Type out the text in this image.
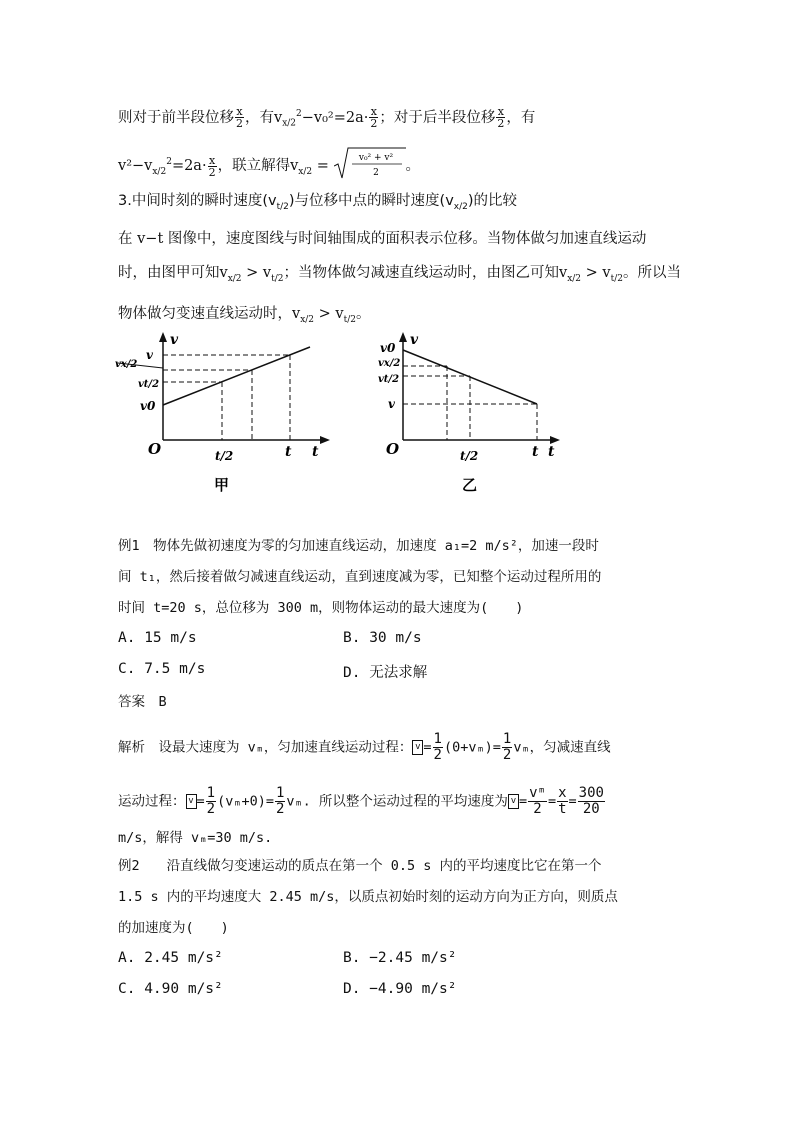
则对于前半段位移 $\frac{x}{2}$ ，有$v_{x/2}^2-v_0^2=2a\cdot \frac{x}{2}$ ；对于后半段位移 $\frac{x}{2}$ ，有
$v^2-v_{x/2}^2=2a\cdot \frac{x}{2}$ ，联立解得$v_{x/2}$ =	v₀² + v²
2 。
3.中间时刻的瞬时速度$(v_{t/2})$与位移中点的瞬时速度$(v_{x/2})$的比较
在 v−t 图像中，速度图线与时间轴围成的面积表示位移。当物体做匀加速直线运动
时，由图甲可知$v_{x/2} > v_{t/2}$；当物体做匀减速直线运动时，由图乙可知$v_{x/2} > v_{t/2}$。所以当
物体做匀变速直线运动时，$v_{x/2} > v_{t/2}$。
v
v
vx/2
vt/2
v0
O	t/2	t t
甲
v
v0
vx/2
vt/2
v
O	t/2	t t
乙
例1　物体先做初速度为零的匀加速直线运动，加速度 a₁=2 m/s²，加速一段时
间 t₁，然后接着做匀减速直线运动，直到速度减为零，已知整个运动过程所用的
时间 t=20 s，总位移为 300 m，则物体运动的最大速度为(　　)
A. 15 m/s	B. 30 m/s
C. 7.5 m/s	D. 无法求解
答案　B
解析　设最大速度为 vₘ，匀加速直线运动过程： $v = \frac{1}{2} (0+v_m)= \frac{1}{2}$ vₘ，匀减速直线
运动过程： $v = \frac{1}{2} (v_m+0)= \frac{1}{2} v_m$. 所以整个运动过程的平均速度为 $v = \frac{\text{vᵐ}}{2} = \frac{x}{t} = \frac{300}{20}$
m/s，解得 vₘ=30 m/s.
例2　　沿直线做匀变速运动的质点在第一个 0.5 s 内的平均速度比它在第一个
1.5 s 内的平均速度大 2.45 m/s，以质点初始时刻的运动方向为正方向，则质点
的加速度为(　　)
A. 2.45 m/s²	B. −2.45 m/s²
C. 4.90 m/s²	D. −4.90 m/s²
